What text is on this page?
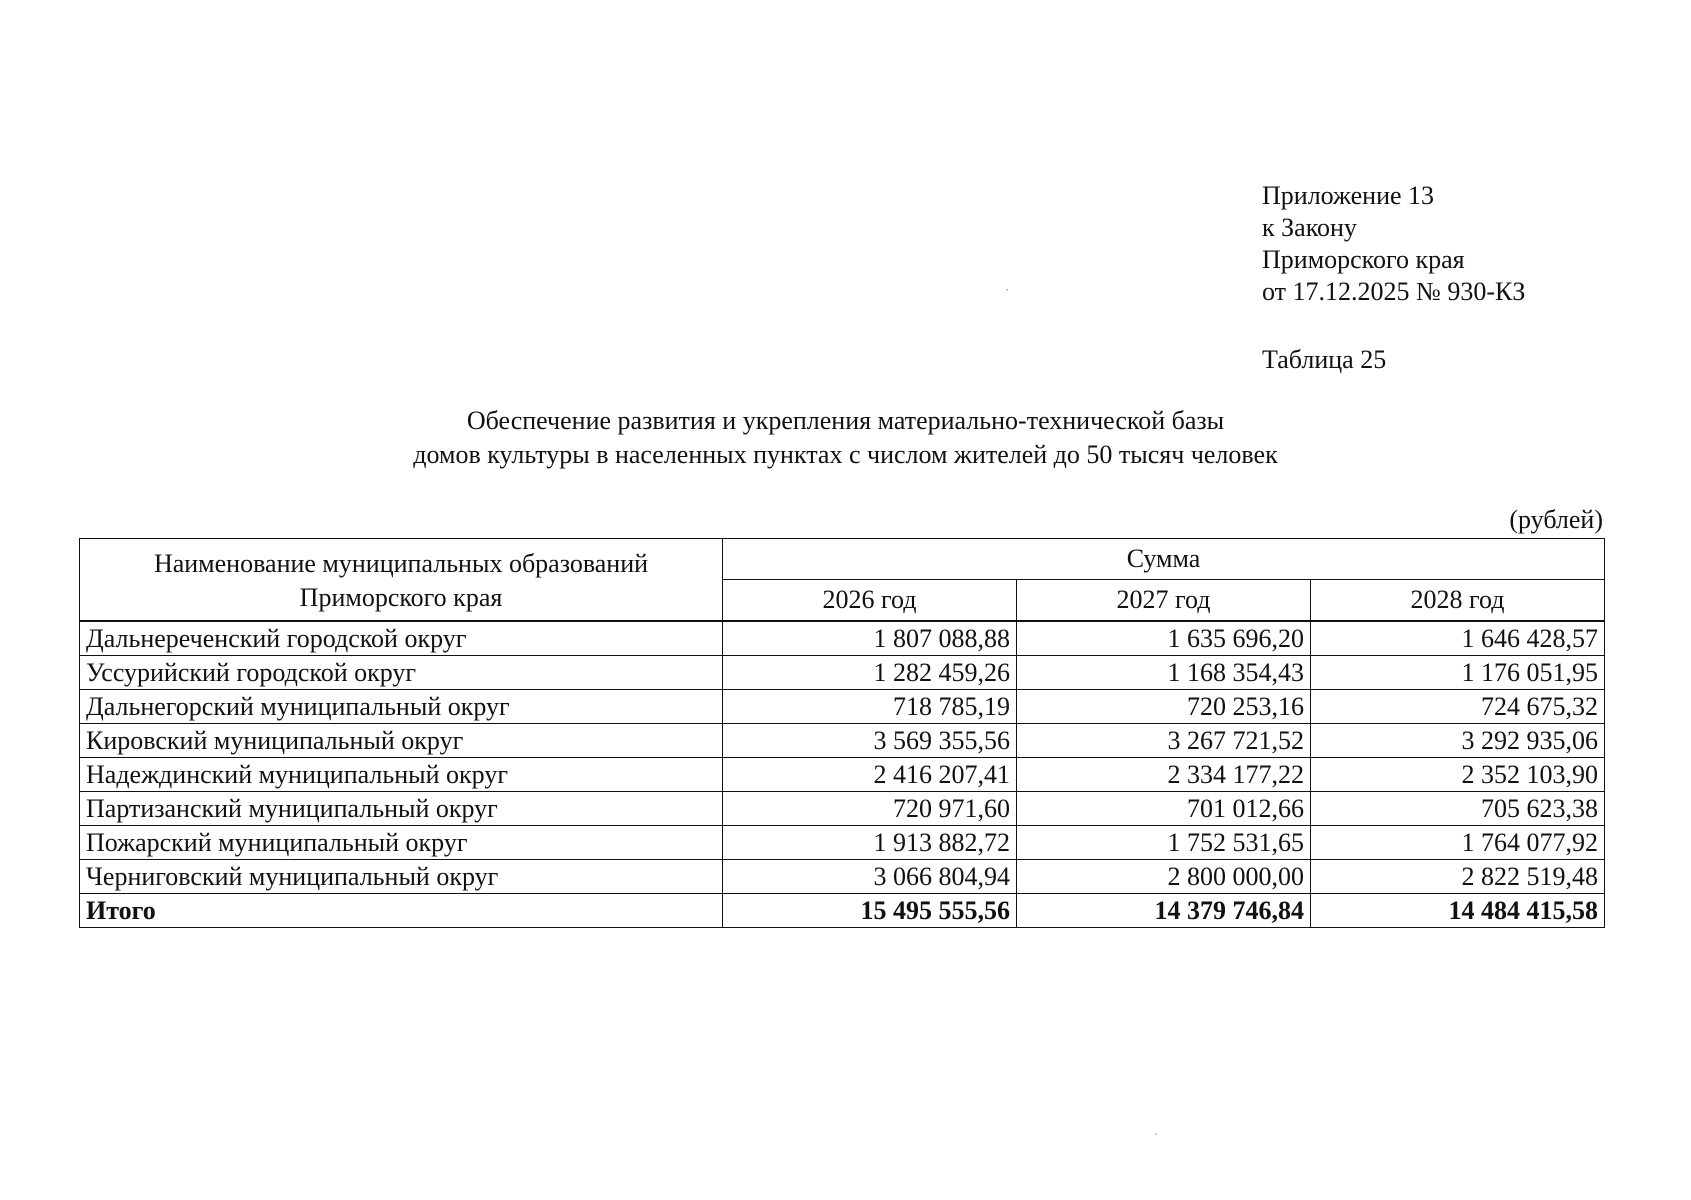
Приложение 13
к Закону
Приморского края
от 17.12.2025 № 930-КЗ
Таблица 25
Обеспечение развития и укрепления материально-технической базы
домов культуры в населенных пунктах с числом жителей до 50 тысяч человек
(рублей)
Наименование муниципальных образований
Приморского края	Сумма		
	2026 год	2027 год	2028 год
Дальнереченский городской округ	1 807 088,88	1 635 696,20	1 646 428,57
Уссурийский городской округ	1 282 459,26	1 168 354,43	1 176 051,95
Дальнегорский муниципальный округ	718 785,19	720 253,16	724 675,32
Кировский муниципальный округ	3 569 355,56	3 267 721,52	3 292 935,06
Надеждинский муниципальный округ	2 416 207,41	2 334 177,22	2 352 103,90
Партизанский муниципальный округ	720 971,60	701 012,66	705 623,38
Пожарский муниципальный округ	1 913 882,72	1 752 531,65	1 764 077,92
Черниговский муниципальный округ	3 066 804,94	2 800 000,00	2 822 519,48
Итого	15 495 555,56	14 379 746,84	14 484 415,58
